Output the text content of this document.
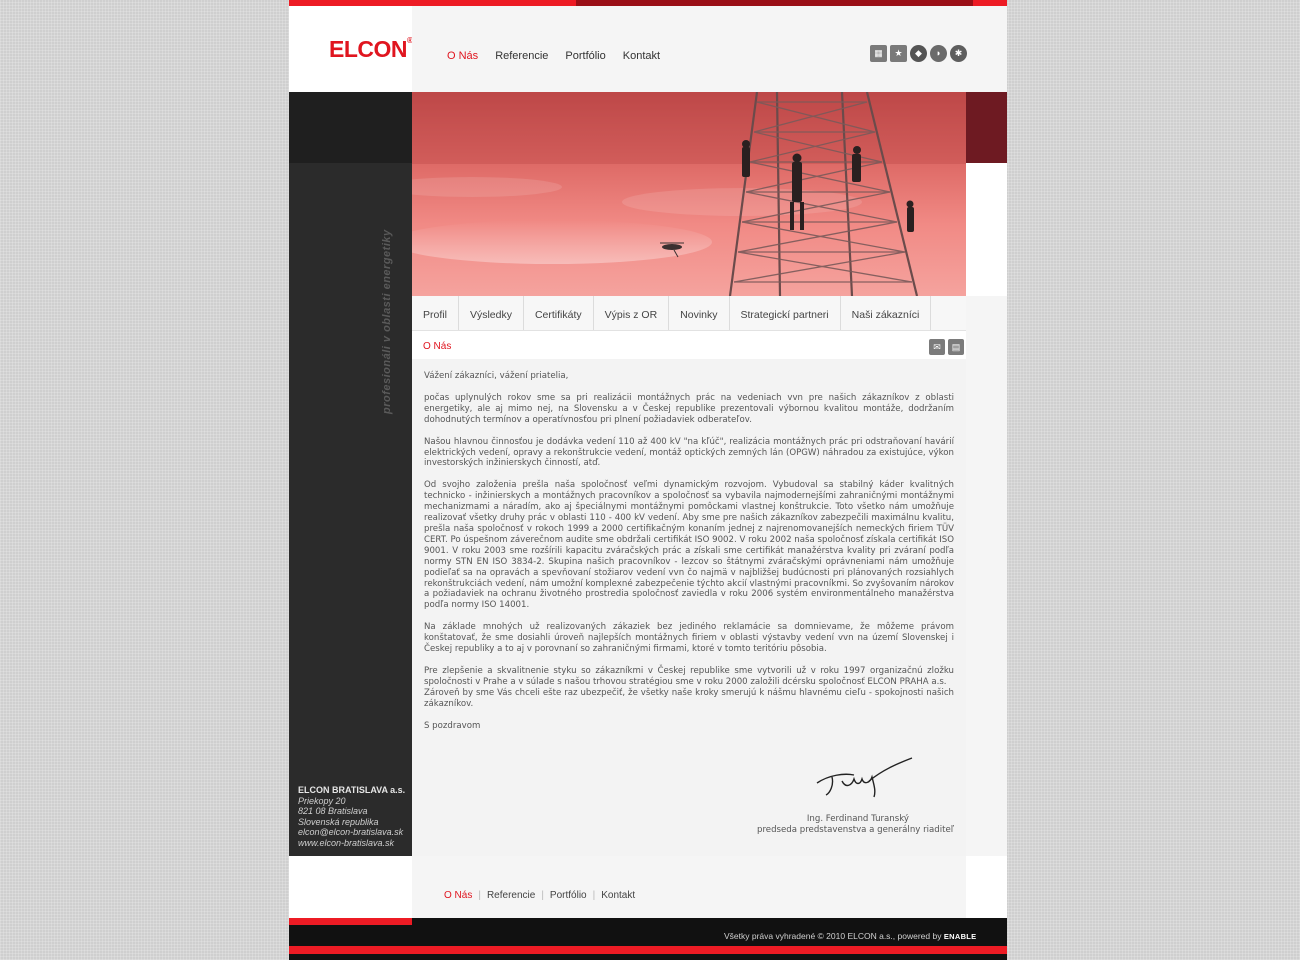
ELCON®
profesionáli v oblasti energetiky
ELCON BRATISLAVA a.s.
Priekopy 20
821 08 Bratislava
Slovenská republika
elcon@elcon-bratislava.sk
www.elcon-bratislava.sk
O Nás Referencie Portfólio Kontakt	▦	★	◆	◗	✱
Profil	Výsledky	Certifikáty	Výpis z OR	Novinky	Strategickí partneri	Naši zákazníci
O Nás	✉	▤

Vážení zákazníci, vážení priatelia,

počas uplynulých rokov sme sa pri realizácii montážnych prác na vedeniach vvn pre našich zákazníkov z oblasti energetiky, ale aj mimo nej, na Slovensku a v Českej republike prezentovali výbornou kvalitou montáže, dodržaním dohodnutých termínov a operatívnosťou pri plnení požiadaviek odberateľov.

Našou hlavnou činnosťou je dodávka vedení 110 až 400 kV "na kľúč", realizácia montážnych prác pri odstraňovaní havárií elektrických vedení, opravy a rekonštrukcie vedení, montáž optických zemných lán (OPGW) náhradou za existujúce, výkon investorských inžinierskych činností, atď.

Od svojho založenia prešla naša spoločnosť veľmi dynamickým rozvojom. Vybudoval sa stabilný káder kvalitných technicko - inžinierskych a montážnych pracovníkov a spoločnosť sa vybavila najmodernejšími zahraničnými montážnymi mechanizmami a náradím, ako aj špeciálnymi montážnymi pomôckami vlastnej konštrukcie. Toto všetko nám umožňuje realizovať všetky druhy prác v oblasti 110 - 400 kV vedení. Aby sme pre našich zákazníkov zabezpečili maximálnu kvalitu, prešla naša spoločnosť v rokoch 1999 a 2000 certifikačným konaním jednej z najrenomovanejších nemeckých firiem TÜV CERT. Po úspešnom záverečnom audite sme obdržali certifikát ISO 9002. V roku 2002 naša spoločnosť získala certifikát ISO 9001. V roku 2003 sme rozšírili kapacitu zváračských prác a získali sme certifikát manažérstva kvality pri zváraní podľa normy STN EN ISO 3834-2. Skupina našich pracovníkov - lezcov so štátnymi zváračskými oprávneniami nám umožňuje podieľať sa na opravách a spevňovaní stožiarov vedení vvn čo najmä v najbližšej budúcnosti pri plánovaných rozsiahlych rekonštrukciách vedení, nám umožní komplexné zabezpečenie týchto akcií vlastnými pracovníkmi. So zvyšovaním nárokov a požiadaviek na ochranu životného prostredia spoločnosť zaviedla v roku 2006 systém environmentálneho manažérstva podľa normy ISO 14001.

Na základe mnohých už realizovaných zákaziek bez jediného reklamácie sa domnievame, že môžeme právom konštatovať, že sme dosiahli úroveň najlepších montážnych firiem v oblasti výstavby vedení vvn na území Slovenskej i Českej republiky a to aj v porovnaní so zahraničnými firmami, ktoré v tomto teritóriu pôsobia.

Pre zlepšenie a skvalitnenie styku so zákazníkmi v Českej republike sme vytvorili už v roku 1997 organizačnú zložku spoločnosti v Prahe a v súlade s našou trhovou stratégiou sme v roku 2000 založili dcérsku spoločnosť ELCON PRAHA a.s.

Zároveň by sme Vás chceli ešte raz ubezpečiť, že všetky naše kroky smerujú k nášmu hlavnému cieľu - spokojnosti našich zákazníkov.

S pozdravom

Ing. Ferdinand Turanský
predseda predstavenstva a generálny riaditeľ
O Nás | Referencie | Portfólio | Kontakt
Všetky práva vyhradené © 2010 ELCON a.s., powered by ENABLE
